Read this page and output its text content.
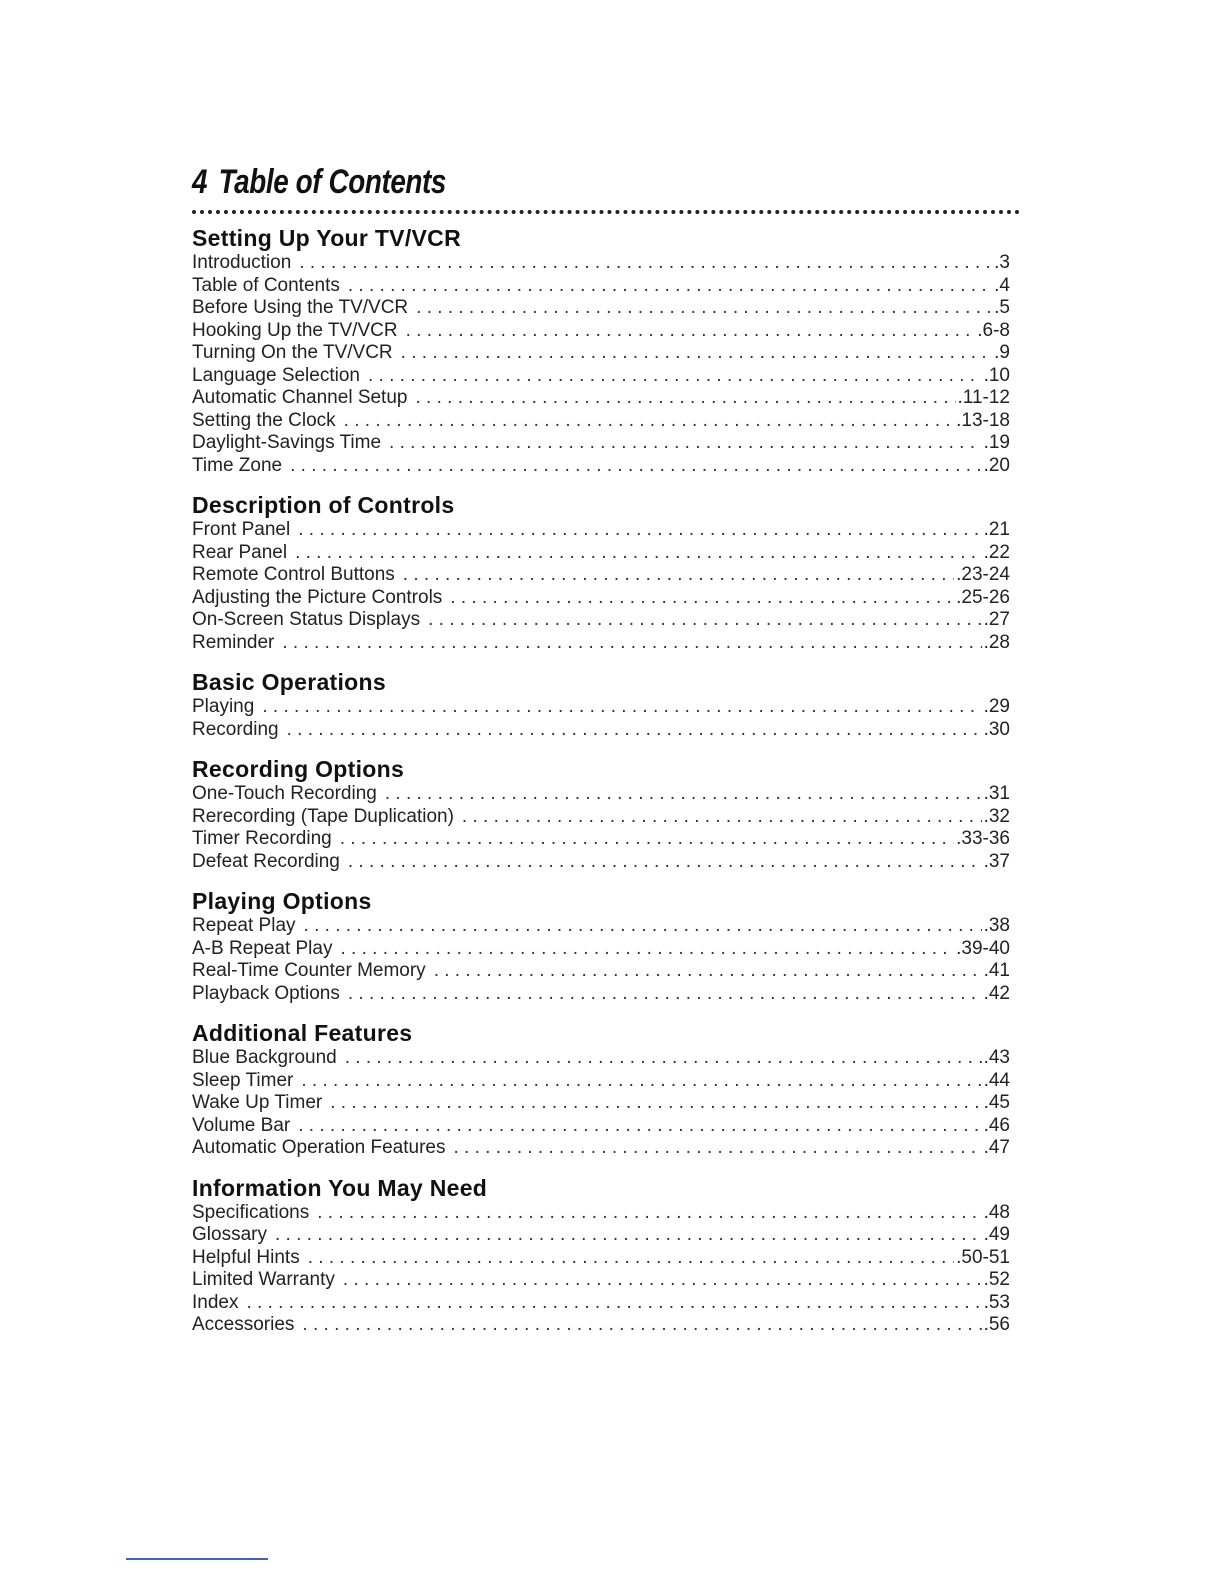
4 Table of Contents
Setting Up Your TV/VCR
Introduction . . .	.3
Table of Contents . . .	.4
Before Using the TV/VCR . . .	.5
Hooking Up the TV/VCR . . .	.6-8
Turning On the TV/VCR . . .	.9
Language Selection . . .	.10
Automatic Channel Setup . . .	.11-12
Setting the Clock . . .	.13-18
Daylight-Savings Time . . .	.19
Time Zone . . .	.20
Description of Controls
Front Panel . . .	.21
Rear Panel . . .	.22
Remote Control Buttons . . .	.23-24
Adjusting the Picture Controls . . .	.25-26
On-Screen Status Displays . . .	.27
Reminder . . .	.28
Basic Operations
Playing . . .	.29
Recording . . .	.30
Recording Options
One-Touch Recording . . .	.31
Rerecording (Tape Duplication) . . .	.32
Timer Recording . . .	.33-36
Defeat Recording . . .	.37
Playing Options
Repeat Play . . .	.38
A-B Repeat Play . . .	.39-40
Real-Time Counter Memory . . .	.41
Playback Options . . .	.42
Additional Features
Blue Background . . .	.43
Sleep Timer . . .	.44
Wake Up Timer . . .	.45
Volume Bar . . .	.46
Automatic Operation Features . . .	.47
Information You May Need
Specifications . . .	.48
Glossary . . .	.49
Helpful Hints . . .	.50-51
Limited Warranty . . .	.52
Index . . .	.53
Accessories . . .	.56
